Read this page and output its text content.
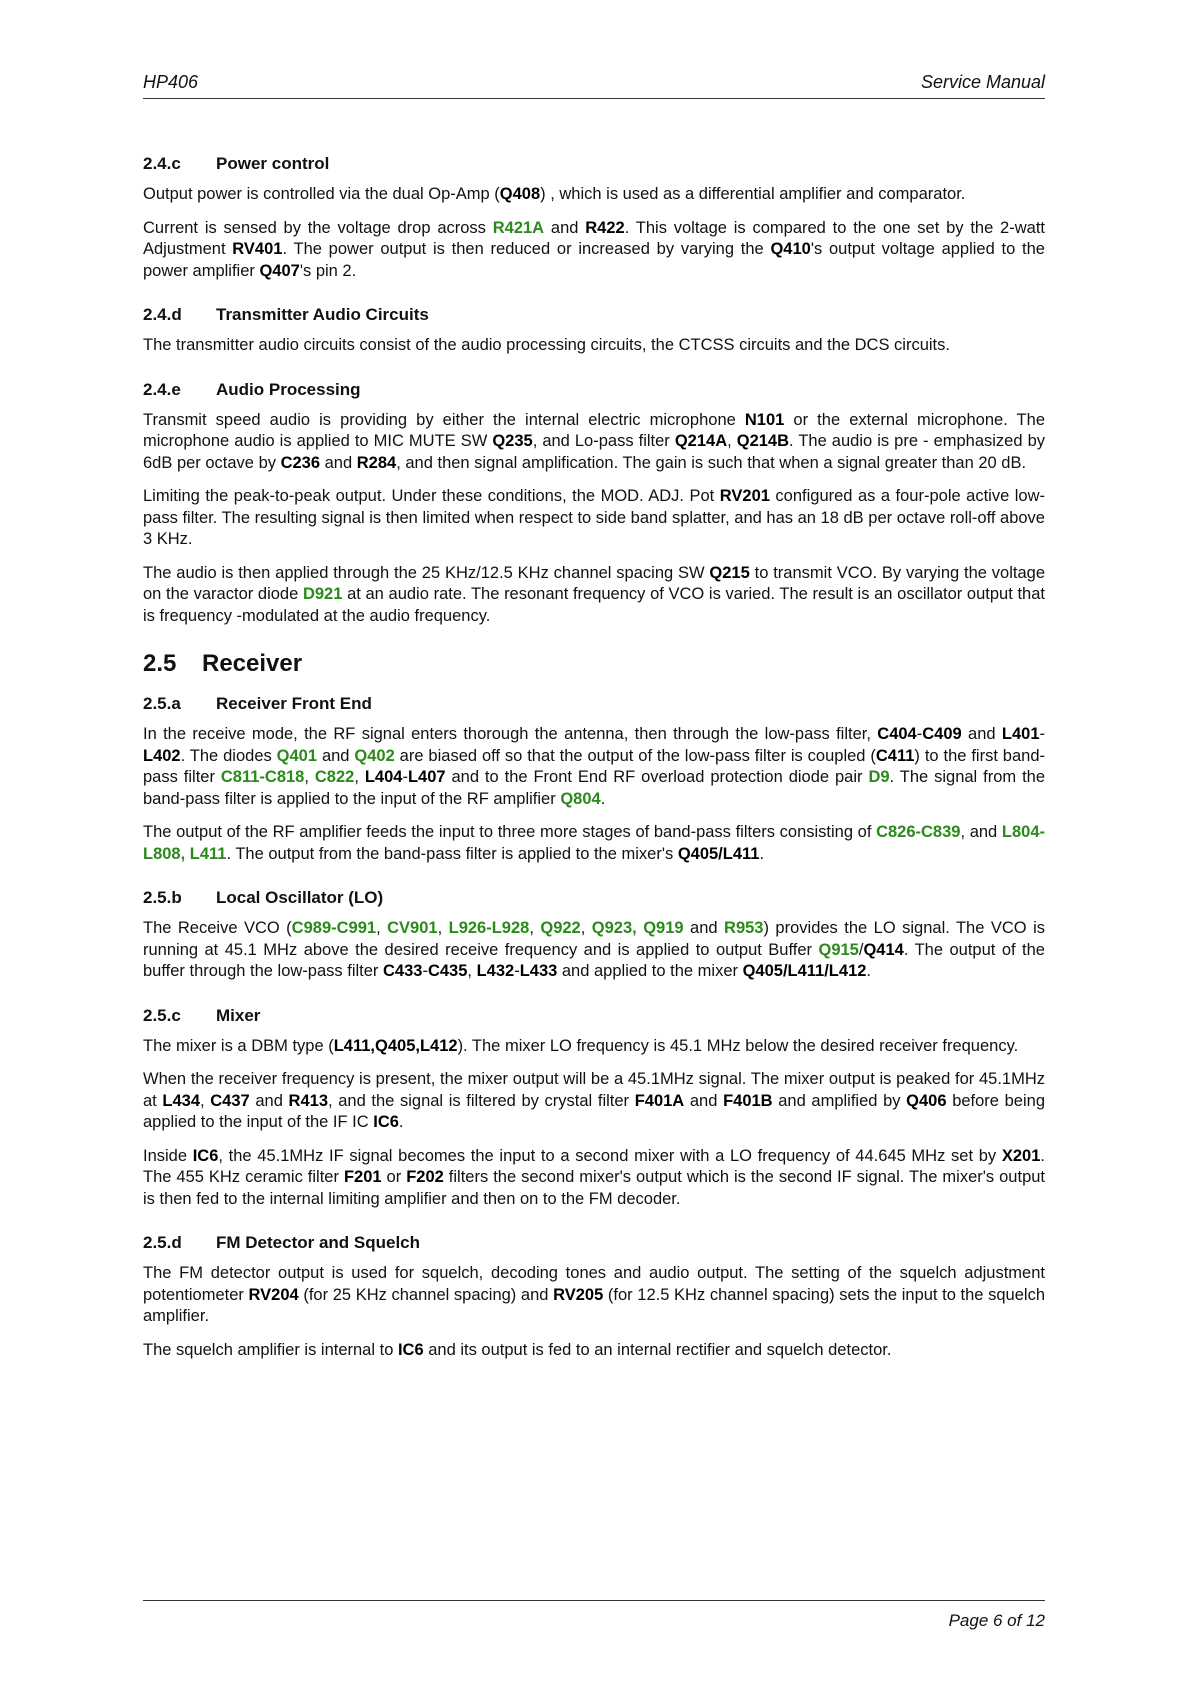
HP406	Service Manual
2.4.c Power control

Output power is controlled via the dual Op-Amp (Q408) , which is used as a differential amplifier and comparator.

Current is sensed by the voltage drop across R421A and R422. This voltage is compared to the one set by the 2-watt Adjustment RV401. The power output is then reduced or increased by varying the Q410's output voltage applied to the power amplifier Q407's pin 2.

2.4.d Transmitter Audio Circuits

The transmitter audio circuits consist of the audio processing circuits, the CTCSS circuits and the DCS circuits.

2.4.e Audio Processing

Transmit speed audio is providing by either the internal electric microphone N101 or the external microphone. The microphone audio is applied to MIC MUTE SW Q235, and Lo-pass filter Q214A, Q214B. The audio is pre - emphasized by 6dB per octave by C236 and R284, and then signal amplification. The gain is such that when a signal greater than 20 dB.

Limiting the peak-to-peak output. Under these conditions, the MOD. ADJ. Pot RV201 configured as a four-pole active low-pass filter. The resulting signal is then limited when respect to side band splatter, and has an 18 dB per octave roll-off above 3 KHz.

The audio is then applied through the 25 KHz/12.5 KHz channel spacing SW Q215 to transmit VCO. By varying the voltage on the varactor diode D921 at an audio rate. The resonant frequency of VCO is varied. The result is an oscillator output that is frequency -modulated at the audio frequency.

2.5 Receiver
2.5.a Receiver Front End

In the receive mode, the RF signal enters thorough the antenna, then through the low-pass filter, C404-C409 and L401-L402. The diodes Q401 and Q402 are biased off so that the output of the low-pass filter is coupled (C411) to the first band-pass filter C811-C818, C822, L404-L407 and to the Front End RF overload protection diode pair D9. The signal from the band-pass filter is applied to the input of the RF amplifier Q804.

The output of the RF amplifier feeds the input to three more stages of band-pass filters consisting of C826-C839, and L804-L808, L411. The output from the band-pass filter is applied to the mixer's Q405/L411.

2.5.b Local Oscillator (LO)

The Receive VCO (C989-C991, CV901, L926-L928, Q922, Q923, Q919 and R953) provides the LO signal. The VCO is running at 45.1 MHz above the desired receive frequency and is applied to output Buffer Q915/Q414. The output of the buffer through the low-pass filter C433-C435, L432-L433 and applied to the mixer Q405/L411/L412.

2.5.c Mixer

The mixer is a DBM type (L411,Q405,L412). The mixer LO frequency is 45.1 MHz below the desired receiver frequency.

When the receiver frequency is present, the mixer output will be a 45.1MHz signal. The mixer output is peaked for 45.1MHz at L434, C437 and R413, and the signal is filtered by crystal filter F401A and F401B and amplified by Q406 before being applied to the input of the IF IC IC6.

Inside IC6, the 45.1MHz IF signal becomes the input to a second mixer with a LO frequency of 44.645 MHz set by X201. The 455 KHz ceramic filter F201 or F202 filters the second mixer's output which is the second IF signal. The mixer's output is then fed to the internal limiting amplifier and then on to the FM decoder.

2.5.d FM Detector and Squelch

The FM detector output is used for squelch, decoding tones and audio output. The setting of the squelch adjustment potentiometer RV204 (for 25 KHz channel spacing) and RV205 (for 12.5 KHz channel spacing) sets the input to the squelch amplifier.

The squelch amplifier is internal to IC6 and its output is fed to an internal rectifier and squelch detector.

Page 6 of 12
